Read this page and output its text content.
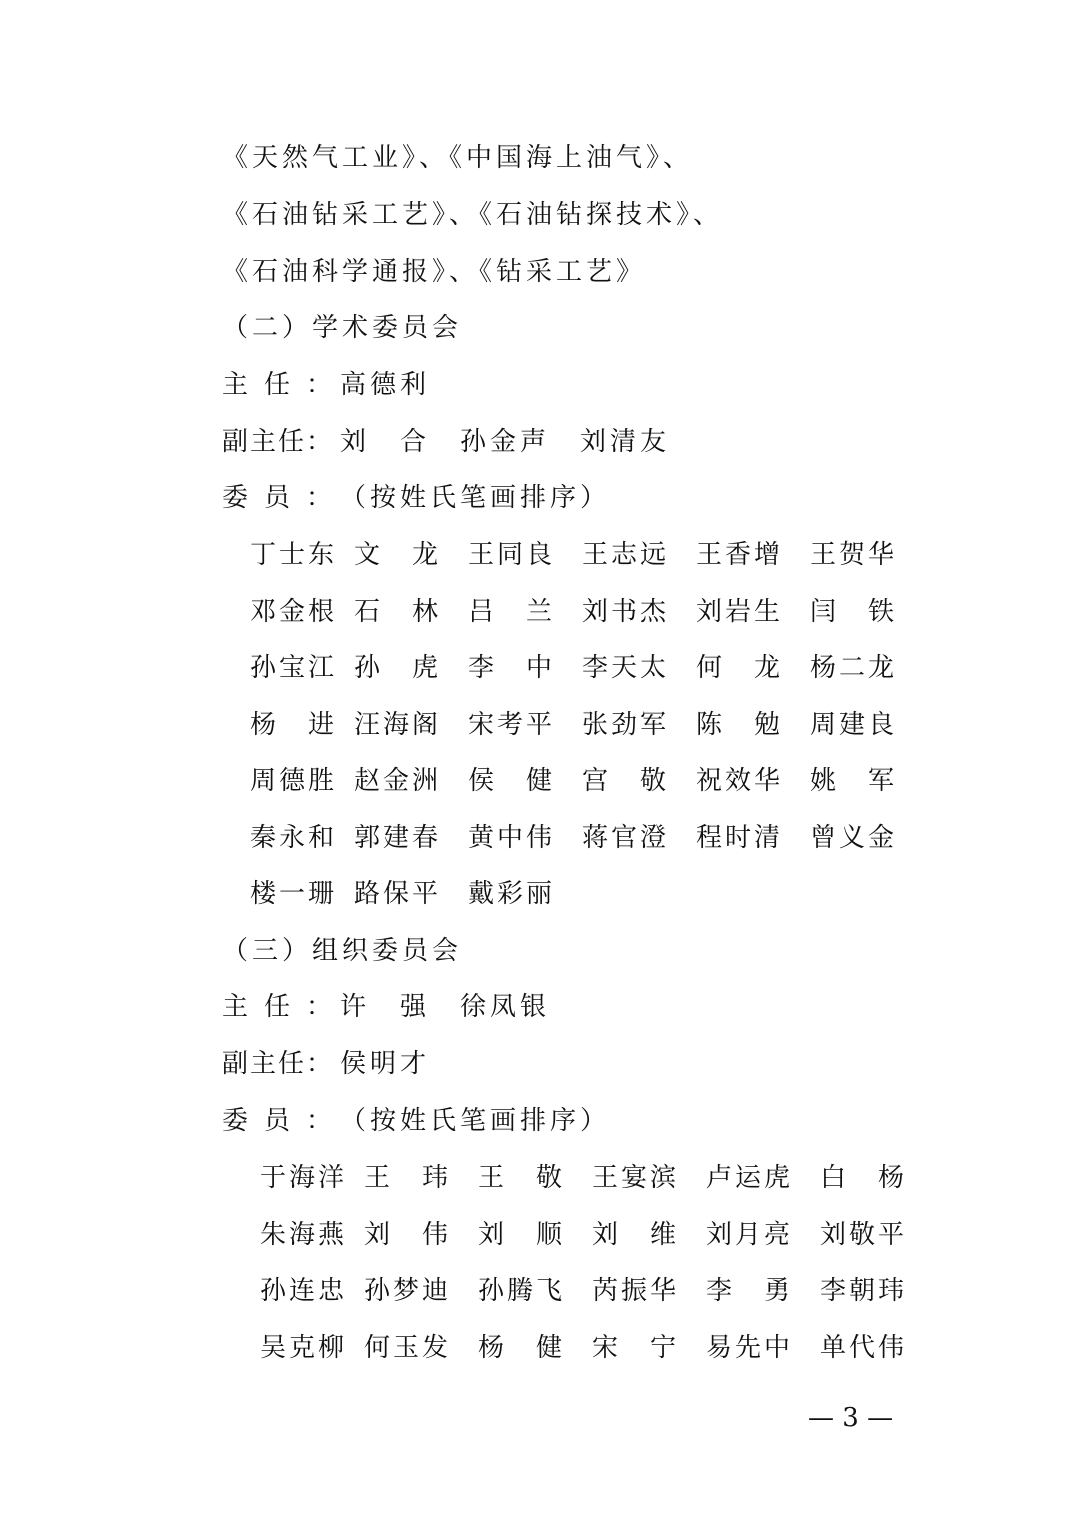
《天然气工业》、《中国海上油气》、
《石油钻采工艺》、《石油钻探技术》、
《石油科学通报》、《钻采工艺》
（二）学术委员会
主 任 ： 高德利
副 主 任 ： 刘　合　孙金声　刘清友
委 员 ： （按姓氏笔画排序）
丁 士 东 文 龙 王 同 良 王 志 远 王 香 增 王 贺 华
邓 金 根 石 林 吕 兰 刘 书 杰 刘 岩 生 闫 铁
孙 宝 江 孙 虎 李 中 李 天 太 何 龙 杨 二 龙
杨 进 汪 海 阁 宋 考 平 张 劲 军 陈 勉 周 建 良
周 德 胜 赵 金 洲 侯 健 宫 敬 祝 效 华 姚 军
秦 永 和 郭 建 春 黄 中 伟 蒋 官 澄 程 时 清 曾 义 金
楼 一 珊 路 保 平 戴 彩 丽
（三）组织委员会
主 任 ： 许　强　徐凤银
副 主 任 ： 侯明才
委 员 ： （按姓氏笔画排序）
于 海 洋 王 玮 王 敬 王 宴 滨 卢 运 虎 白 杨
朱 海 燕 刘 伟 刘 顺 刘 维 刘 月 亮 刘 敬 平
孙 连 忠 孙 梦 迪 孙 腾 飞 芮 振 华 李 勇 李 朝 玮
吴 克 柳 何 玉 发 杨 健 宋 宁 易 先 中 单 代 伟
— 3 —
